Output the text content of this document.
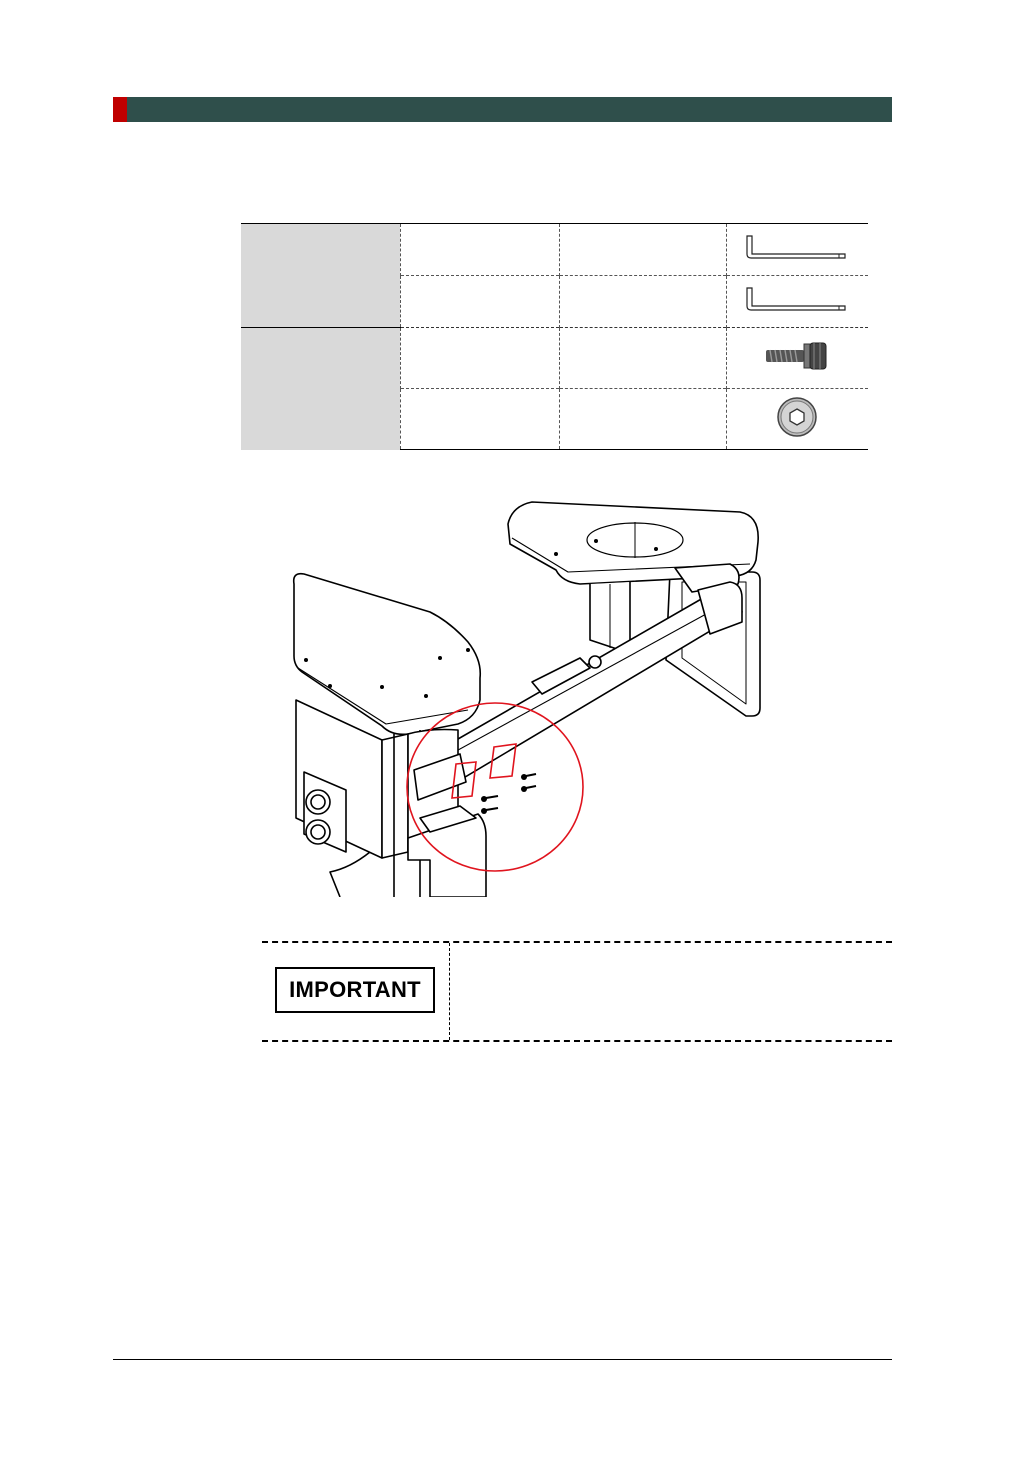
IMPORTANT
